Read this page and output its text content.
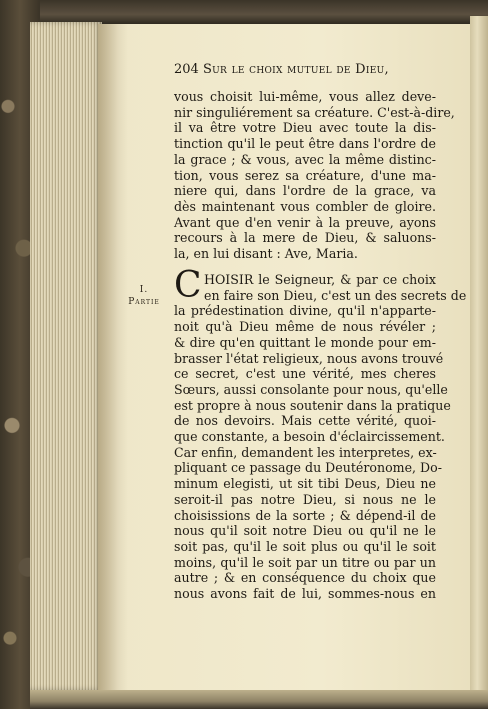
204 Sur le choix mutuel de Dieu,
vous choisit lui-même, vous allez deve-
nir singuliérement sa créature. C'est-à-dire,
il va être votre Dieu avec toute la dis-
tinction qu'il le peut être dans l'ordre de
la grace ; & vous, avec la même distinc-
tion, vous serez sa créature, d'une ma-
niere qui, dans l'ordre de la grace, va
dès maintenant vous combler de gloire.
Avant que d'en venir à la preuve, ayons
recours à la mere de Dieu, & saluons-
la, en lui disant : Ave, Maria.
I.
Partie C HOISIR le Seigneur, & par ce choix
en faire son Dieu, c'est un des secrets de
la prédestination divine, qu'il n'apparte-
noit qu'à Dieu même de nous révéler ;
& dire qu'en quittant le monde pour em-
brasser l'état religieux, nous avons trouvé
ce secret, c'est une vérité, mes cheres
Sœurs, aussi consolante pour nous, qu'elle
est propre à nous soutenir dans la pratique
de nos devoirs. Mais cette vérité, quoi-
que constante, a besoin d'éclaircissement.
Car enfin, demandent les interpretes, ex-
pliquant ce passage du Deutéronome, Do-
minum elegisti, ut sit tibi Deus, Dieu ne
seroit-il pas notre Dieu, si nous ne le
choisissions de la sorte ; & dépend-il de
nous qu'il soit notre Dieu ou qu'il ne le
soit pas, qu'il le soit plus ou qu'il le soit
moins, qu'il le soit par un titre ou par un
autre ; & en conséquence du choix que
nous avons fait de lui, sommes-nous en
